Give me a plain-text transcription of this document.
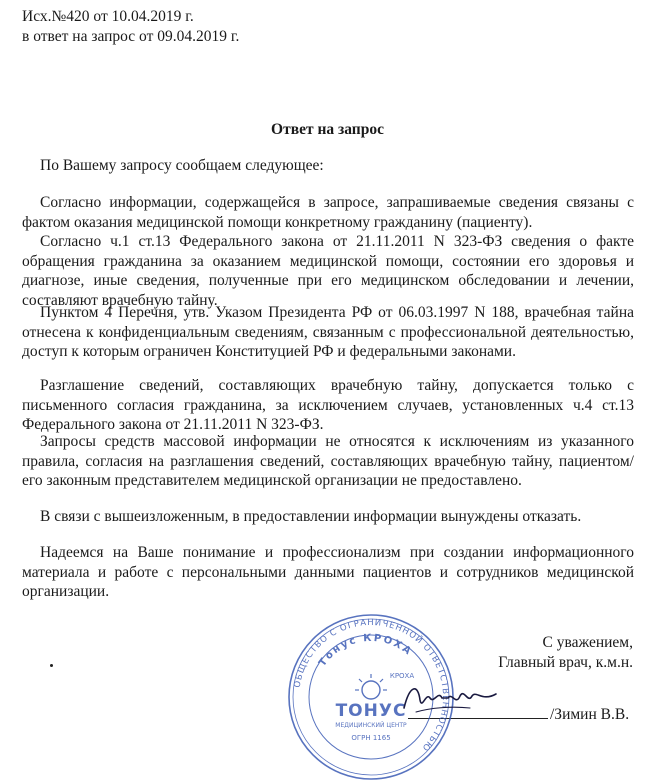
Исх.№420 от 10.04.2019 г.
в ответ на запрос от 09.04.2019 г.
Ответ на запрос

По Вашему запросу сообщаем следующее:

Согласно информации, содержащейся в запросе, запрашиваемые сведения связаны с фактом оказания медицинской помощи конкретному гражданину (пациенту).

Согласно ч.1 ст.13 Федерального закона от 21.11.2011 N 323-ФЗ сведения о факте обращения гражданина за оказанием медицинской помощи, состоянии его здоровья и диагнозе, иные сведения, полученные при его медицинском обследовании и лечении, составляют врачебную тайну.

Пунктом 4 Перечня, утв. Указом Президента РФ от 06.03.1997 N 188, врачебная тайна отнесена к конфиденциальным сведениям, связанным с профессиональной деятельностью, доступ к которым ограничен Конституцией РФ и федеральными законами.

Разглашение сведений, составляющих врачебную тайну, допускается только с письменного согласия гражданина, за исключением случаев, установленных ч.4 ст.13 Федерального закона от 21.11.2011 N 323-ФЗ.

Запросы средств массовой информации не относятся к исключениям из указанного правила, согласия на разглашения сведений, составляющих врачебную тайну, пациентом/его законным представителем медицинской организации не предоставлено.

В связи с вышеизложенным, в предоставлении информации вынуждены отказать.

Надеемся на Ваше понимание и профессионализм при создании информационного материала и работе с персональными данными пациентов и сотрудников медицинской организации.

С уважением,
Главный врач, к.м.н.
/Зимин В.В.
ОБЩЕСТВО С ОГРАНИЧЕННОЙ ОТВЕТСТВЕННОСТЬЮ
Тонус КРОХА
КРОХА
ТОНУС
МЕДИЦИНСКИЙ ЦЕНТР
ОГРН 1165
